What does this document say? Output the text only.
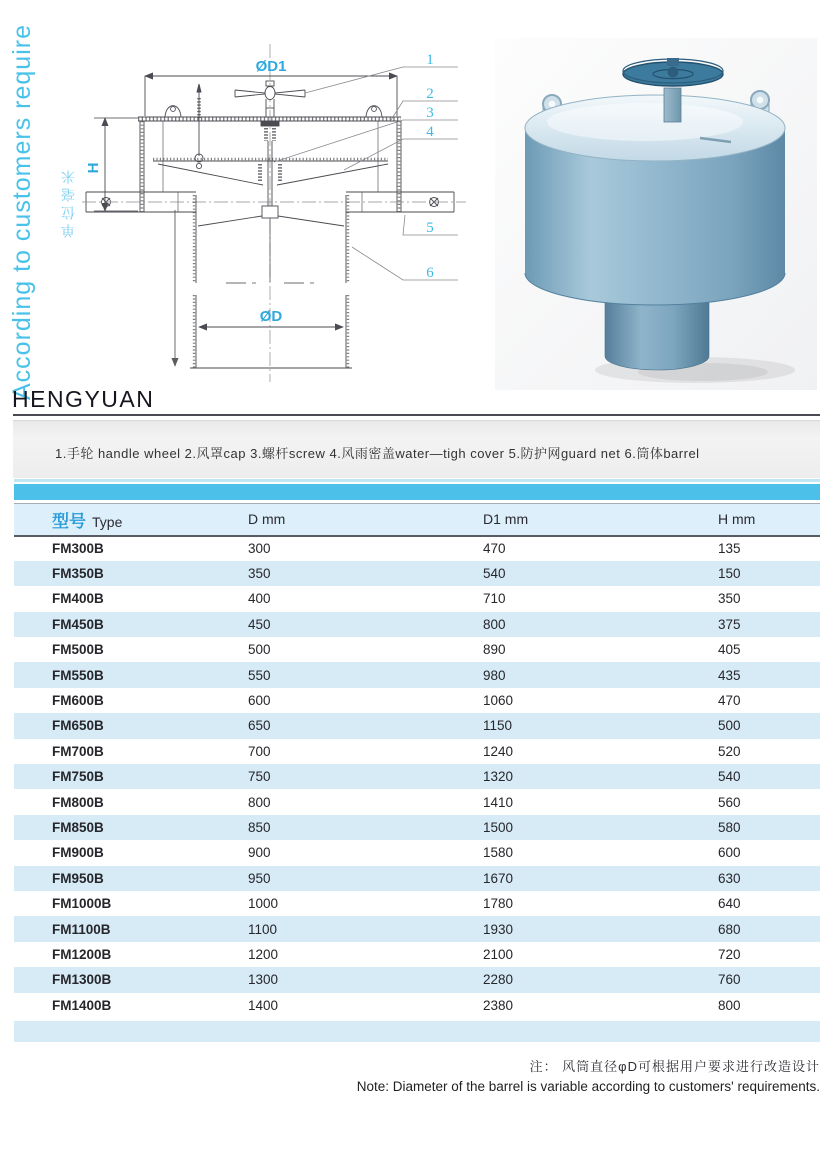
According to customers require 单位毫米
ØD1
H
ØD
1
2
3
4
5
6
HENGYUAN
1.手轮 handle wheel 2.风罩cap 3.螺杆screw 4.风雨密盖water—tigh cover 5.防护网guard net 6.筒体barrel
型号 Type	D mm	D1 mm	H mm
FM300B	300	470	135
FM350B	350	540	150
FM400B	400	710	350
FM450B	450	800	375
FM500B	500	890	405
FM550B	550	980	435
FM600B	600	1060	470
FM650B	650	1150	500
FM700B	700	1240	520
FM750B	750	1320	540
FM800B	800	1410	560
FM850B	850	1500	580
FM900B	900	1580	600
FM950B	950	1670	630
FM1000B	1000	1780	640
FM1100B	1100	1930	680
FM1200B	1200	2100	720
FM1300B	1300	2280	760
FM1400B	1400	2380	800
注： 风筒直径φD可根据用户要求进行改造设计
Note: Diameter of the barrel is variable according to customers' requirements.
